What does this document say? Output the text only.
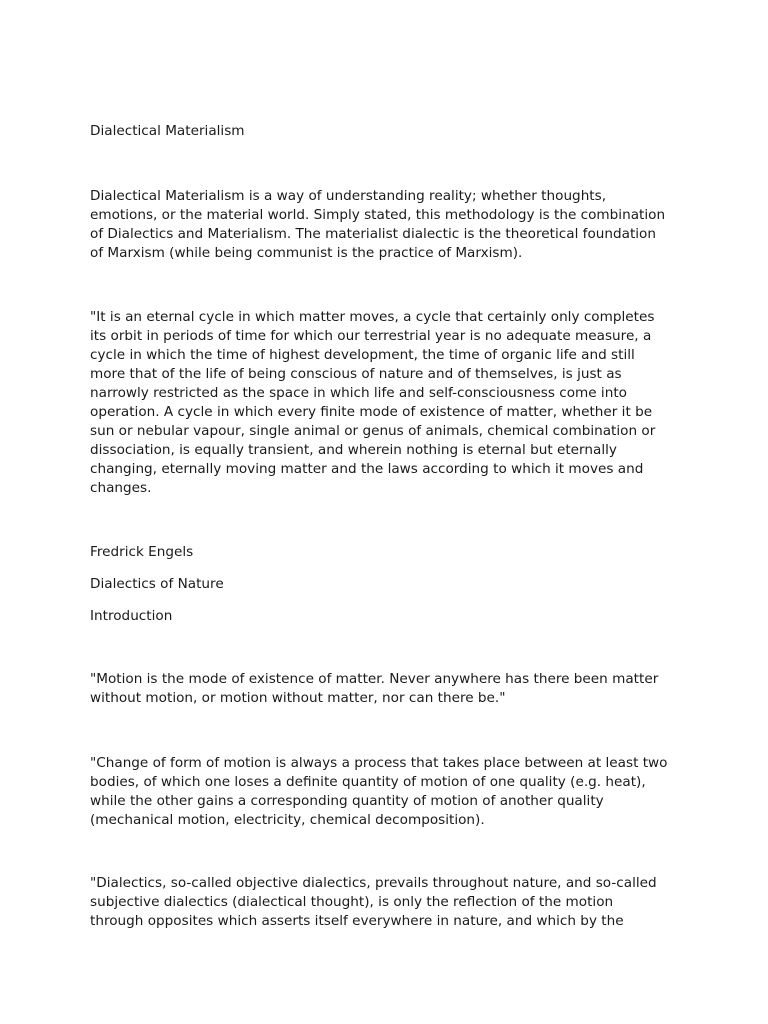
Dialectical Materialism

Dialectical Materialism is a way of understanding reality; whether thoughts,
emotions, or the material world. Simply stated, this methodology is the combination
of Dialectics and Materialism. The materialist dialectic is the theoretical foundation
of Marxism (while being communist is the practice of Marxism).

"It is an eternal cycle in which matter moves, a cycle that certainly only completes
its orbit in periods of time for which our terrestrial year is no adequate measure, a
cycle in which the time of highest development, the time of organic life and still
more that of the life of being conscious of nature and of themselves, is just as
narrowly restricted as the space in which life and self-consciousness come into
operation. A cycle in which every finite mode of existence of matter, whether it be
sun or nebular vapour, single animal or genus of animals, chemical combination or
dissociation, is equally transient, and wherein nothing is eternal but eternally
changing, eternally moving matter and the laws according to which it moves and
changes.

Fredrick Engels

Dialectics of Nature

Introduction

"Motion is the mode of existence of matter. Never anywhere has there been matter
without motion, or motion without matter, nor can there be."

"Change of form of motion is always a process that takes place between at least two
bodies, of which one loses a definite quantity of motion of one quality (e.g. heat),
while the other gains a corresponding quantity of motion of another quality
(mechanical motion, electricity, chemical decomposition).

"Dialectics, so-called objective dialectics, prevails throughout nature, and so-called
subjective dialectics (dialectical thought), is only the reflection of the motion
through opposites which asserts itself everywhere in nature, and which by the
